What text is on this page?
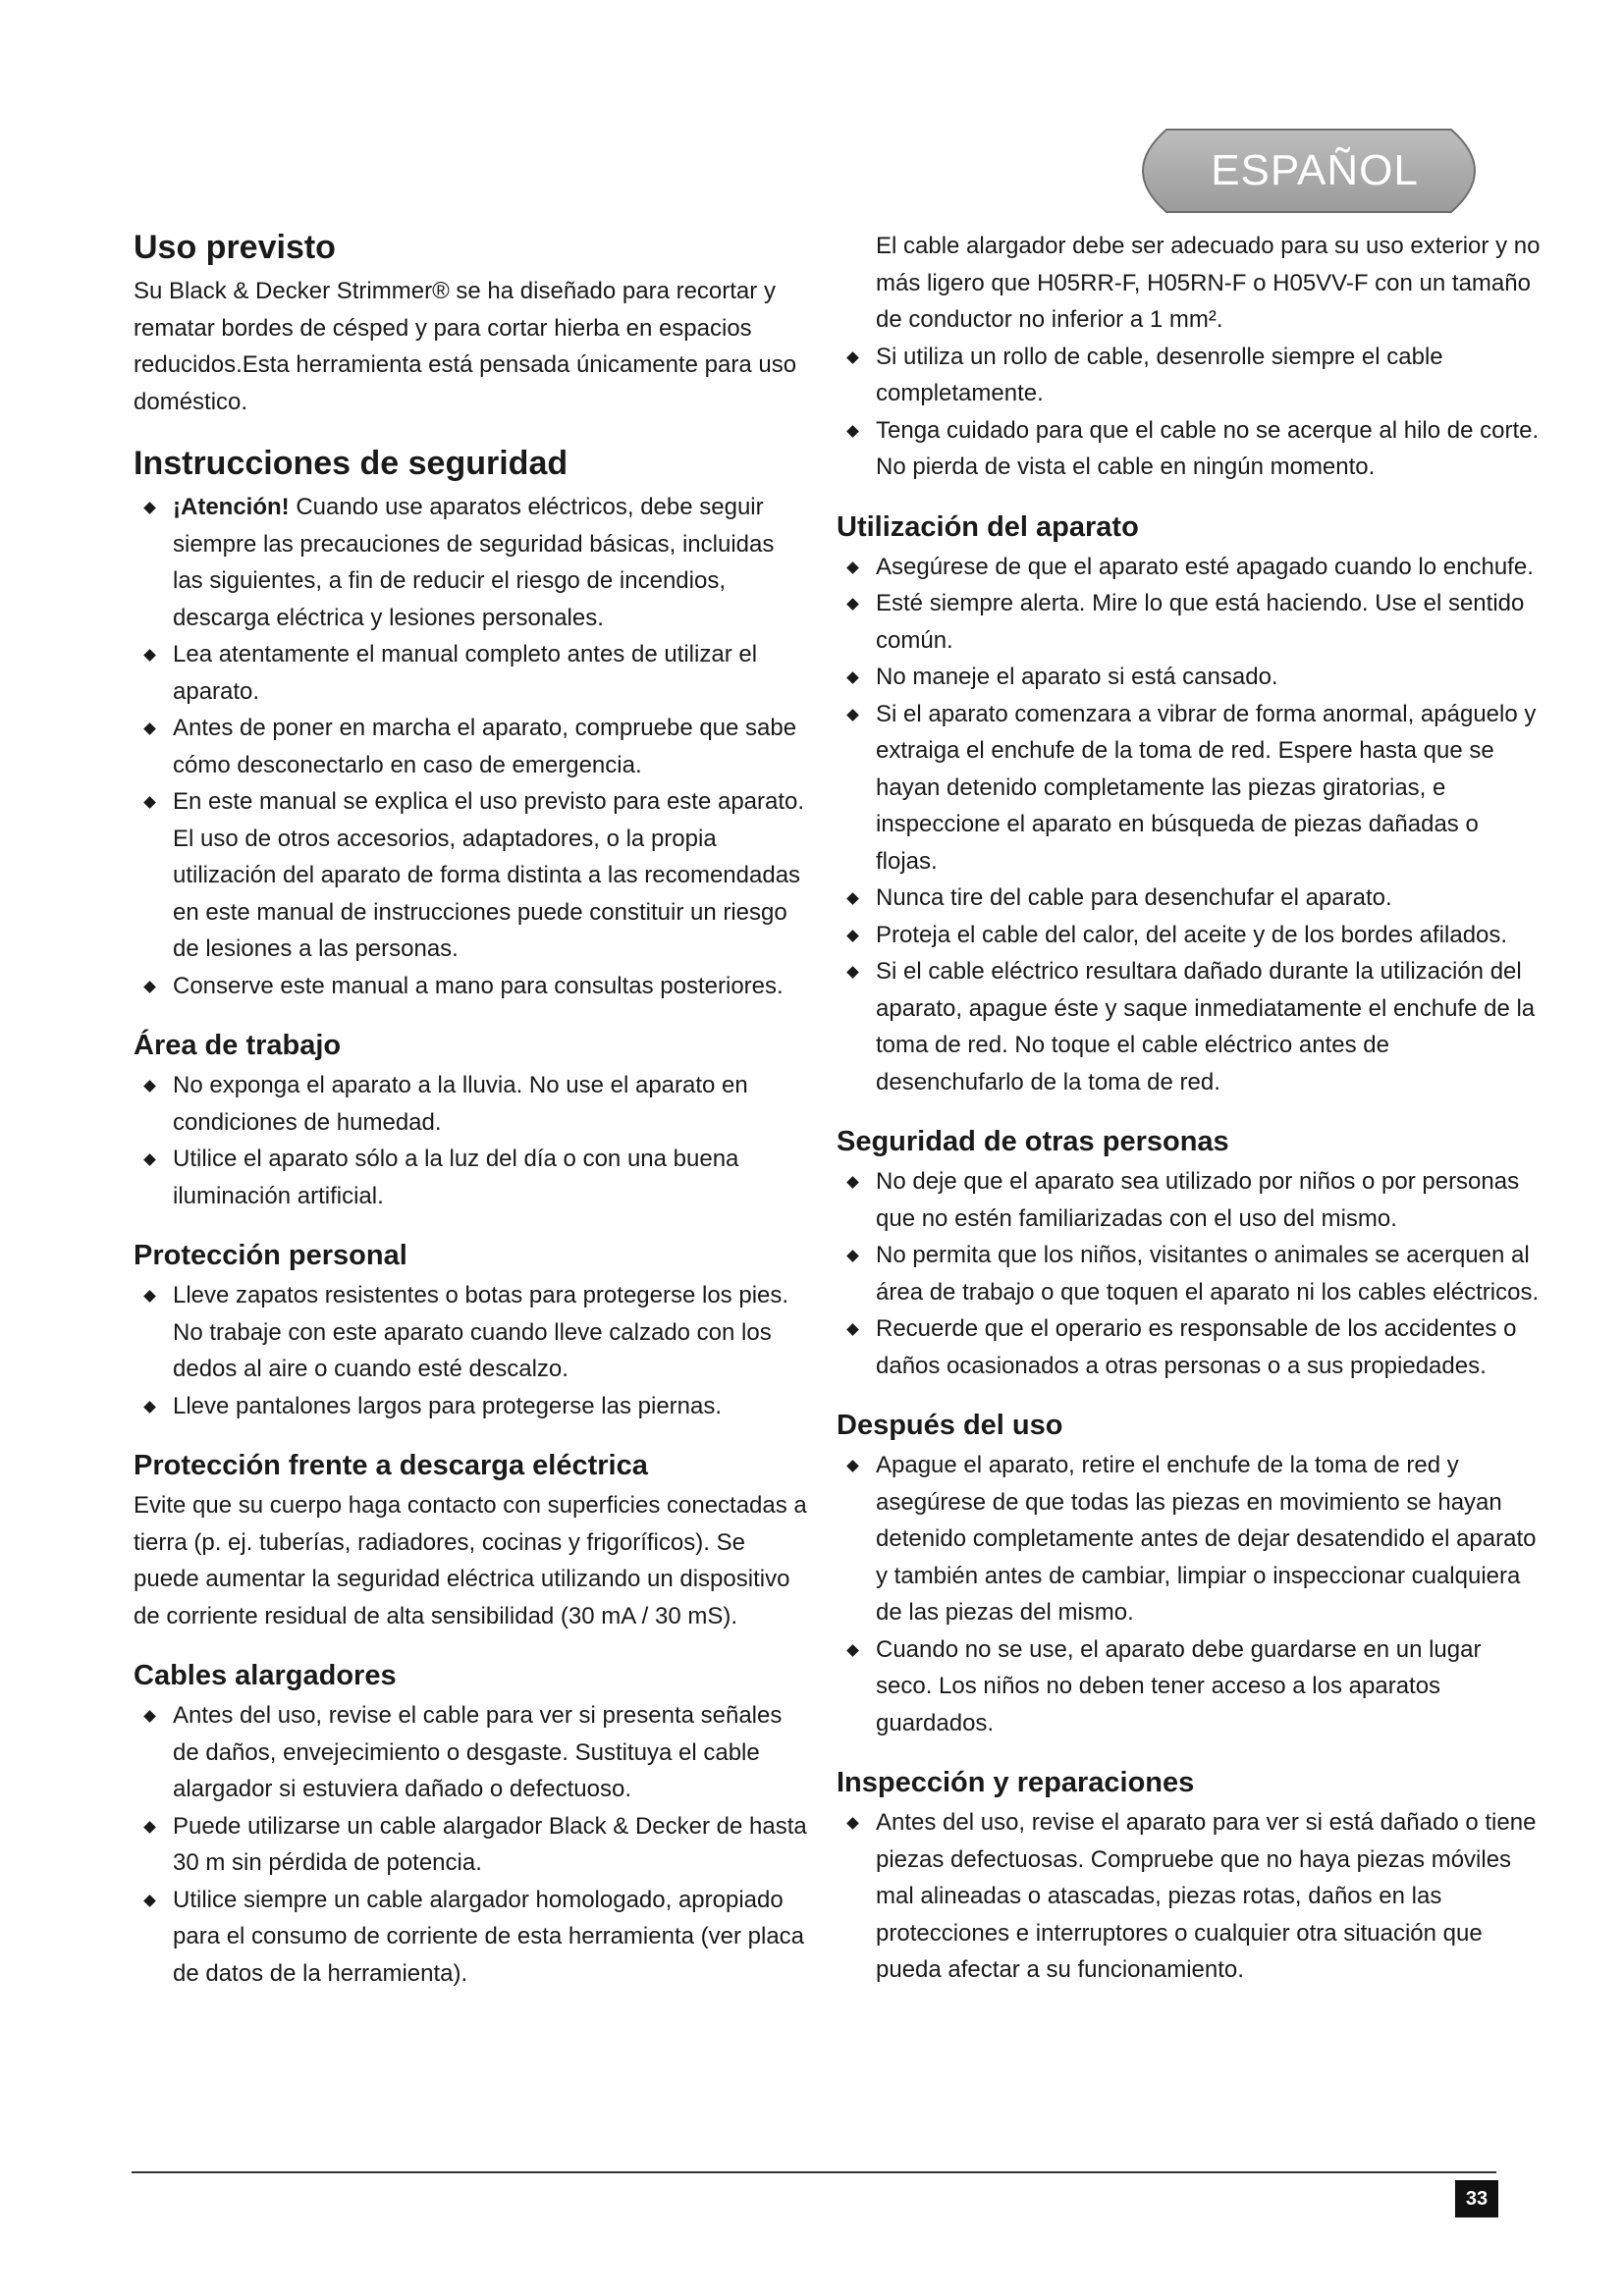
ESPAÑOL
Uso previsto

Su Black & Decker Strimmer® se ha diseñado para recortar y rematar bordes de césped y para cortar hierba en espacios reducidos.Esta herramienta está pensada únicamente para uso doméstico.

Instrucciones de seguridad
¡Atención! Cuando use aparatos eléctricos, debe seguir siempre las precauciones de seguridad básicas, incluidas las siguientes, a fin de reducir el riesgo de incendios, descarga eléctrica y lesiones personales.
Lea atentamente el manual completo antes de utilizar el aparato.
Antes de poner en marcha el aparato, compruebe que sabe cómo desconectarlo en caso de emergencia.
En este manual se explica el uso previsto para este aparato. El uso de otros accesorios, adaptadores, o la propia utilización del aparato de forma distinta a las recomendadas en este manual de instrucciones puede constituir un riesgo de lesiones a las personas.
Conserve este manual a mano para consultas posteriores.
Área de trabajo
No exponga el aparato a la lluvia. No use el aparato en condiciones de humedad.
Utilice el aparato sólo a la luz del día o con una buena iluminación artificial.
Protección personal
Lleve zapatos resistentes o botas para protegerse los pies. No trabaje con este aparato cuando lleve calzado con los dedos al aire o cuando esté descalzo.
Lleve pantalones largos para protegerse las piernas.
Protección frente a descarga eléctrica

Evite que su cuerpo haga contacto con superficies conectadas a tierra (p. ej. tuberías, radiadores, cocinas y frigoríficos). Se puede aumentar la seguridad eléctrica utilizando un dispositivo de corriente residual de alta sensibilidad (30 mA / 30 mS).

Cables alargadores
Antes del uso, revise el cable para ver si presenta señales de daños, envejecimiento o desgaste. Sustituya el cable alargador si estuviera dañado o defectuoso.
Puede utilizarse un cable alargador Black & Decker de hasta 30 m sin pérdida de potencia.
Utilice siempre un cable alargador homologado, apropiado para el consumo de corriente de esta herramienta (ver placa de datos de la herramienta).

El cable alargador debe ser adecuado para su uso exterior y no más ligero que H05RR-F, H05RN-F o H05VV-F con un tamaño de conductor no inferior a 1 mm².

Si utiliza un rollo de cable, desenrolle siempre el cable completamente.
Tenga cuidado para que el cable no se acerque al hilo de corte. No pierda de vista el cable en ningún momento.
Utilización del aparato
Asegúrese de que el aparato esté apagado cuando lo enchufe.
Esté siempre alerta. Mire lo que está haciendo. Use el sentido común.
No maneje el aparato si está cansado.
Si el aparato comenzara a vibrar de forma anormal, apáguelo y extraiga el enchufe de la toma de red. Espere hasta que se hayan detenido completamente las piezas giratorias, e inspeccione el aparato en búsqueda de piezas dañadas o flojas.
Nunca tire del cable para desenchufar el aparato.
Proteja el cable del calor, del aceite y de los bordes afilados.
Si el cable eléctrico resultara dañado durante la utilización del aparato, apague éste y saque inmediatamente el enchufe de la toma de red. No toque el cable eléctrico antes de desenchufarlo de la toma de red.
Seguridad de otras personas
No deje que el aparato sea utilizado por niños o por personas que no estén familiarizadas con el uso del mismo.
No permita que los niños, visitantes o animales se acerquen al área de trabajo o que toquen el aparato ni los cables eléctricos.
Recuerde que el operario es responsable de los accidentes o daños ocasionados a otras personas o a sus propiedades.
Después del uso
Apague el aparato, retire el enchufe de la toma de red y asegúrese de que todas las piezas en movimiento se hayan detenido completamente antes de dejar desatendido el aparato y también antes de cambiar, limpiar o inspeccionar cualquiera de las piezas del mismo.
Cuando no se use, el aparato debe guardarse en un lugar seco. Los niños no deben tener acceso a los aparatos guardados.
Inspección y reparaciones
Antes del uso, revise el aparato para ver si está dañado o tiene piezas defectuosas. Compruebe que no haya piezas móviles mal alineadas o atascadas, piezas rotas, daños en las protecciones e interruptores o cualquier otra situación que pueda afectar a su funcionamiento.
33
